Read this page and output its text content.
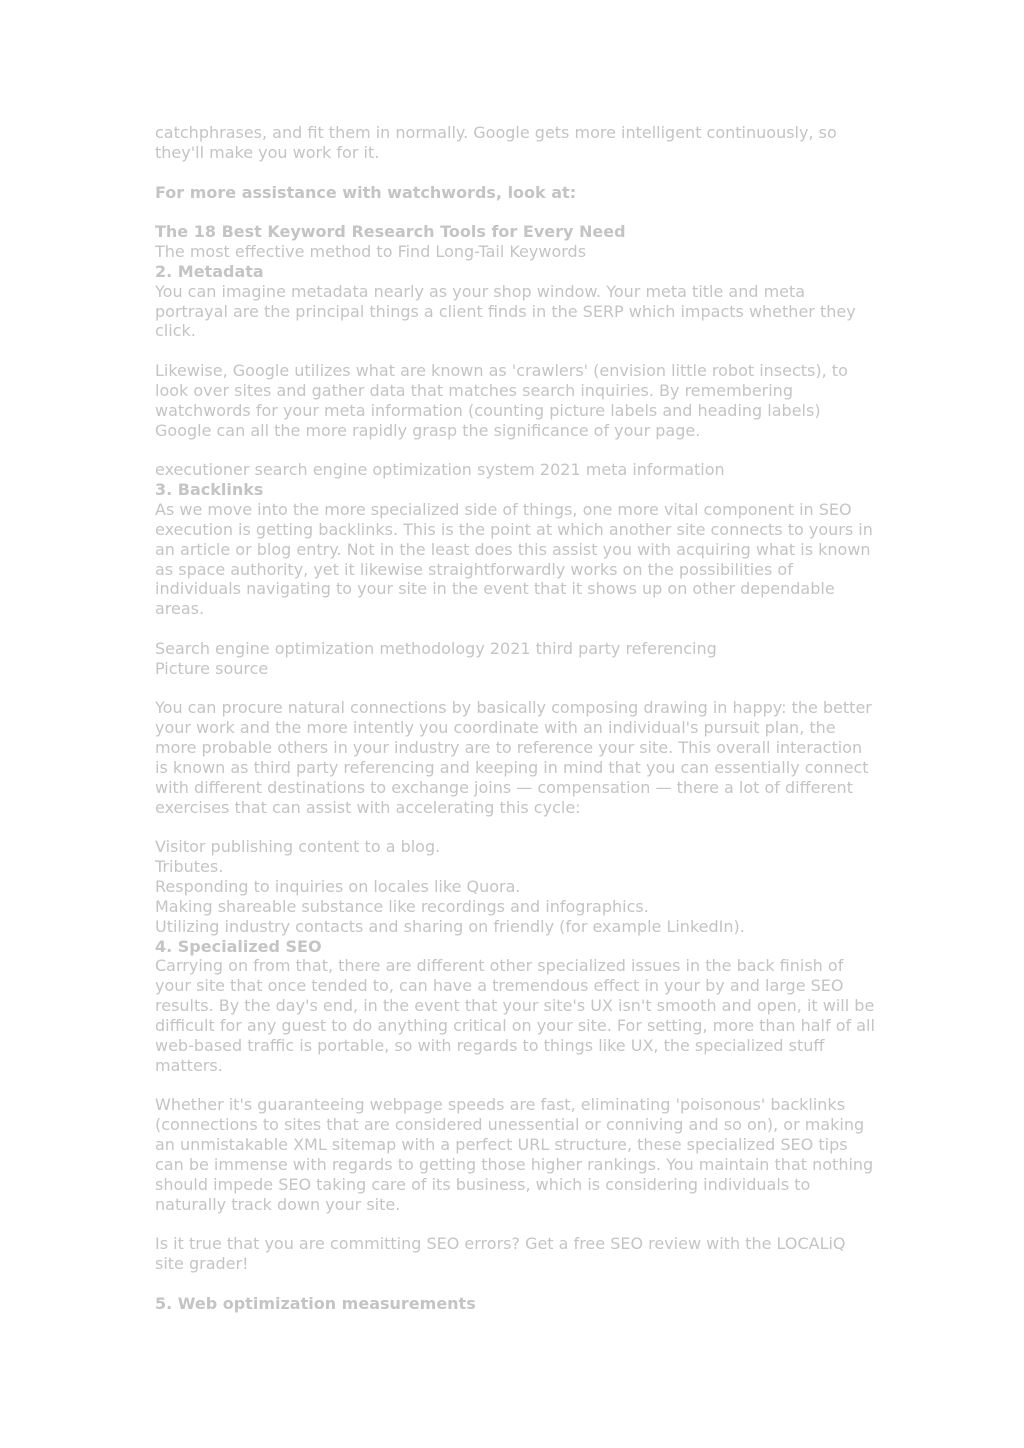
catchphrases, and fit them in normally. Google gets more intelligent continuously, so they'll make you work for it.

For more assistance with watchwords, look at:

The 18 Best Keyword Research Tools for Every Need

The most effective method to Find Long-Tail Keywords

2. Metadata

You can imagine metadata nearly as your shop window. Your meta title and meta portrayal are the principal things a client finds in the SERP which impacts whether they click.

Likewise, Google utilizes what are known as 'crawlers' (envision little robot insects), to look over sites and gather data that matches search inquiries. By remembering watchwords for your meta information (counting picture labels and heading labels) Google can all the more rapidly grasp the significance of your page.

executioner search engine optimization system 2021 meta information

3. Backlinks

As we move into the more specialized side of things, one more vital component in SEO execution is getting backlinks. This is the point at which another site connects to yours in an article or blog entry. Not in the least does this assist you with acquiring what is known as space authority, yet it likewise straightforwardly works on the possibilities of individuals navigating to your site in the event that it shows up on other dependable areas.

Search engine optimization methodology 2021 third party referencing

Picture source

You can procure natural connections by basically composing drawing in happy: the better your work and the more intently you coordinate with an individual's pursuit plan, the more probable others in your industry are to reference your site. This overall interaction is known as third party referencing and keeping in mind that you can essentially connect with different destinations to exchange joins — compensation — there a lot of different exercises that can assist with accelerating this cycle:

Visitor publishing content to a blog.

Tributes.

Responding to inquiries on locales like Quora.

Making shareable substance like recordings and infographics.

Utilizing industry contacts and sharing on friendly (for example LinkedIn).

4. Specialized SEO

Carrying on from that, there are different other specialized issues in the back finish of your site that once tended to, can have a tremendous effect in your by and large SEO results. By the day's end, in the event that your site's UX isn't smooth and open, it will be difficult for any guest to do anything critical on your site. For setting, more than half of all web-based traffic is portable, so with regards to things like UX, the specialized stuff matters.

Whether it's guaranteeing webpage speeds are fast, eliminating 'poisonous' backlinks (connections to sites that are considered unessential or conniving and so on), or making an unmistakable XML sitemap with a perfect URL structure, these specialized SEO tips can be immense with regards to getting those higher rankings. You maintain that nothing should impede SEO taking care of its business, which is considering individuals to naturally track down your site.

Is it true that you are committing SEO errors? Get a free SEO review with the LOCALiQ site grader!

5. Web optimization measurements
